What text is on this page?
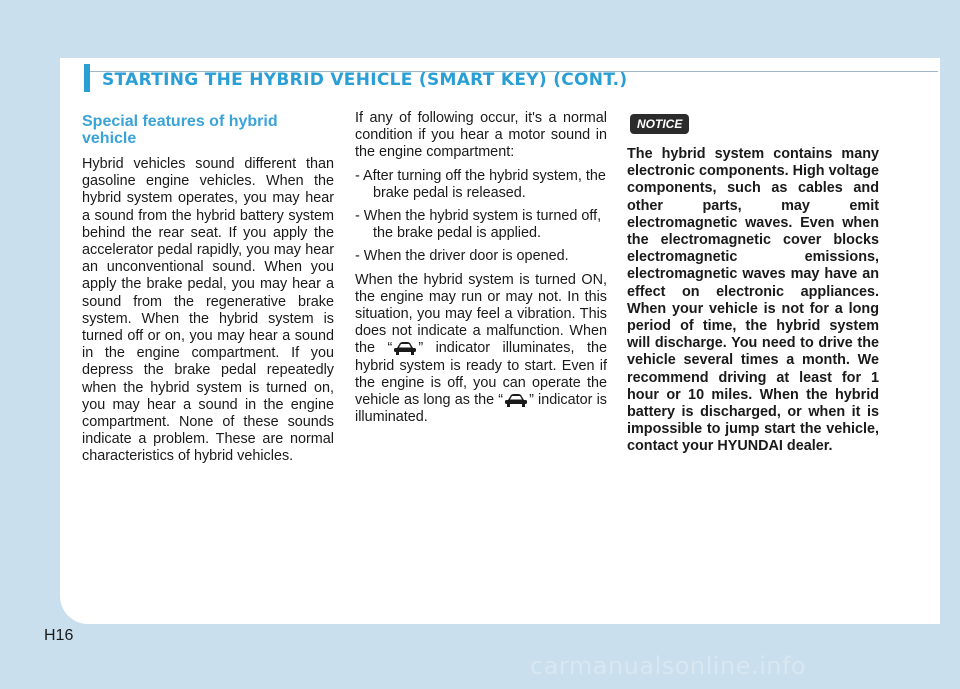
STARTING THE HYBRID VEHICLE (SMART KEY) (CONT.)
Special features of hybrid vehicle

Hybrid vehicles sound different than gasoline engine vehicles. When the hybrid system operates, you may hear a sound from the hybrid battery system behind the rear seat. If you apply the accelerator pedal rapidly, you may hear an unconventional sound. When you apply the brake pedal, you may hear a sound from the regenerative brake system. When the hybrid system is turned off or on, you may hear a sound in the engine compartment. If you depress the brake pedal repeatedly when the hybrid system is turned on, you may hear a sound in the engine compartment. None of these sounds indicate a problem. These are normal characteristics of hybrid vehicles.

If any of following occur, it's a normal condition if you hear a motor sound in the engine compartment:

- After turning off the hybrid system, the brake pedal is released.

- When the hybrid system is turned off, the brake pedal is applied.

- When the driver door is opened.

When the hybrid system is turned ON, the engine may run or may not. In this situation, you may feel a vibration. This does not indicate a malfunction. When the “ ” indicator illuminates, the hybrid system is ready to start. Even if the engine is off, you can operate the vehicle as long as the “ ” indicator is illuminated.

NOTICE

The hybrid system contains many electronic components. High voltage components, such as cables and other parts, may emit electromagnetic waves. Even when the electromagnetic cover blocks electromagnetic emissions, electromagnetic waves may have an effect on electronic appliances. When your vehicle is not for a long period of time, the hybrid system will discharge. You need to drive the vehicle several times a month. We recommend driving at least for 1 hour or 10 miles. When the hybrid battery is discharged, or when it is impossible to jump start the vehicle, contact your HYUNDAI dealer.

H16
carmanualsonline.info
